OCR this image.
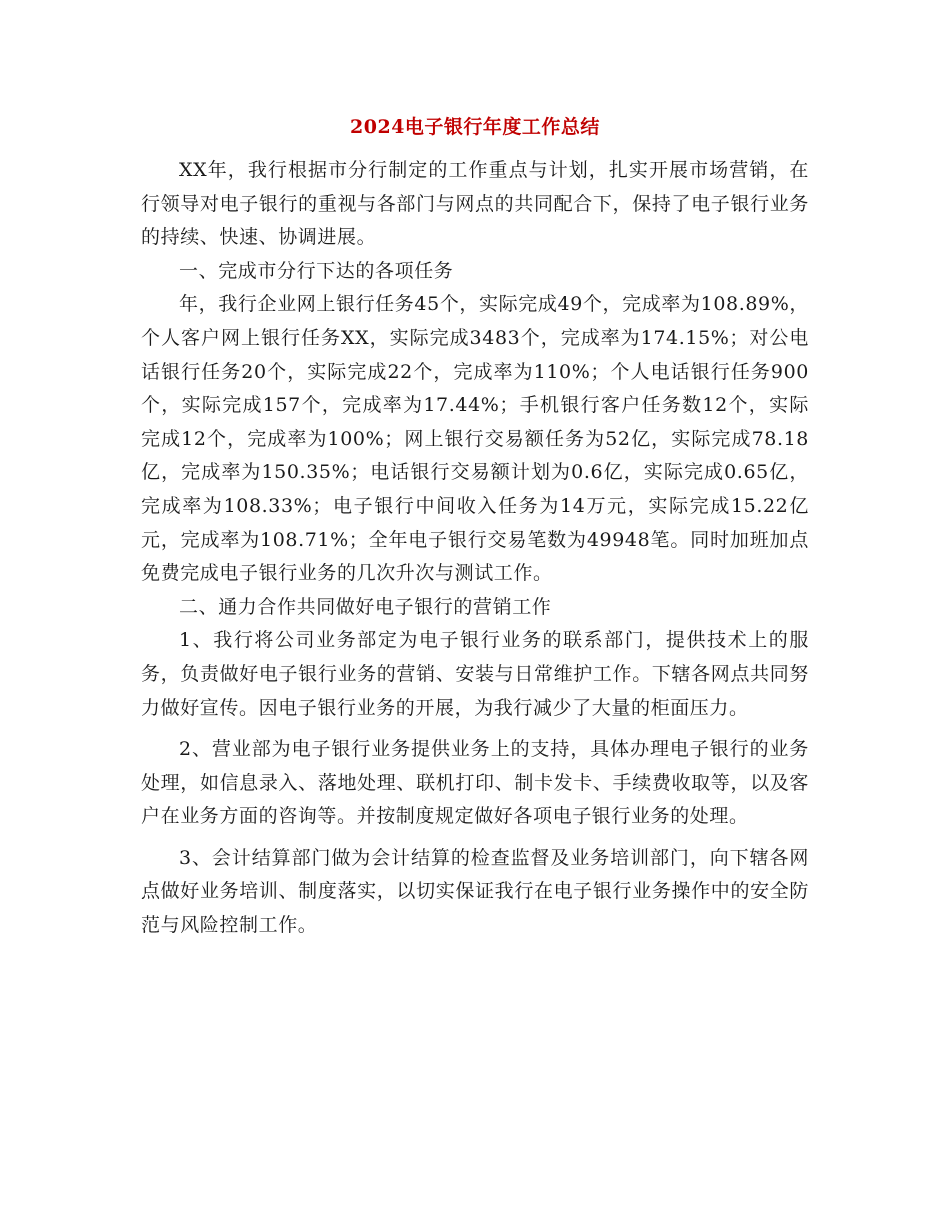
2024电子银行年度工作总结

XX年，我行根据市分行制定的工作重点与计划，扎实开展市场营销，在行领导对电子银行的重视与各部门与网点的共同配合下，保持了电子银行业务的持续、快速、协调进展。

一、完成市分行下达的各项任务

年，我行企业网上银行任务45个，实际完成49个，完成率为108.89%，个人客户网上银行任务XX，实际完成3483个，完成率为174.15%；对公电话银行任务20个，实际完成22个，完成率为110%；个人电话银行任务900个，实际完成157个，完成率为17.44%；手机银行客户任务数12个，实际完成12个，完成率为100%；网上银行交易额任务为52亿，实际完成78.18亿，完成率为150.35%；电话银行交易额计划为0.6亿，实际完成0.65亿，完成率为108.33%；电子银行中间收入任务为14万元，实际完成15.22亿元，完成率为108.71%；全年电子银行交易笔数为49948笔。同时加班加点免费完成电子银行业务的几次升次与测试工作。

二、通力合作共同做好电子银行的营销工作

1、我行将公司业务部定为电子银行业务的联系部门，提供技术上的服务，负责做好电子银行业务的营销、安装与日常维护工作。下辖各网点共同努力做好宣传。因电子银行业务的开展，为我行减少了大量的柜面压力。

2、营业部为电子银行业务提供业务上的支持，具体办理电子银行的业务处理，如信息录入、落地处理、联机打印、制卡发卡、手续费收取等，以及客户在业务方面的咨询等。并按制度规定做好各项电子银行业务的处理。

3、会计结算部门做为会计结算的检查监督及业务培训部门，向下辖各网点做好业务培训、制度落实，以切实保证我行在电子银行业务操作中的安全防范与风险控制工作。
